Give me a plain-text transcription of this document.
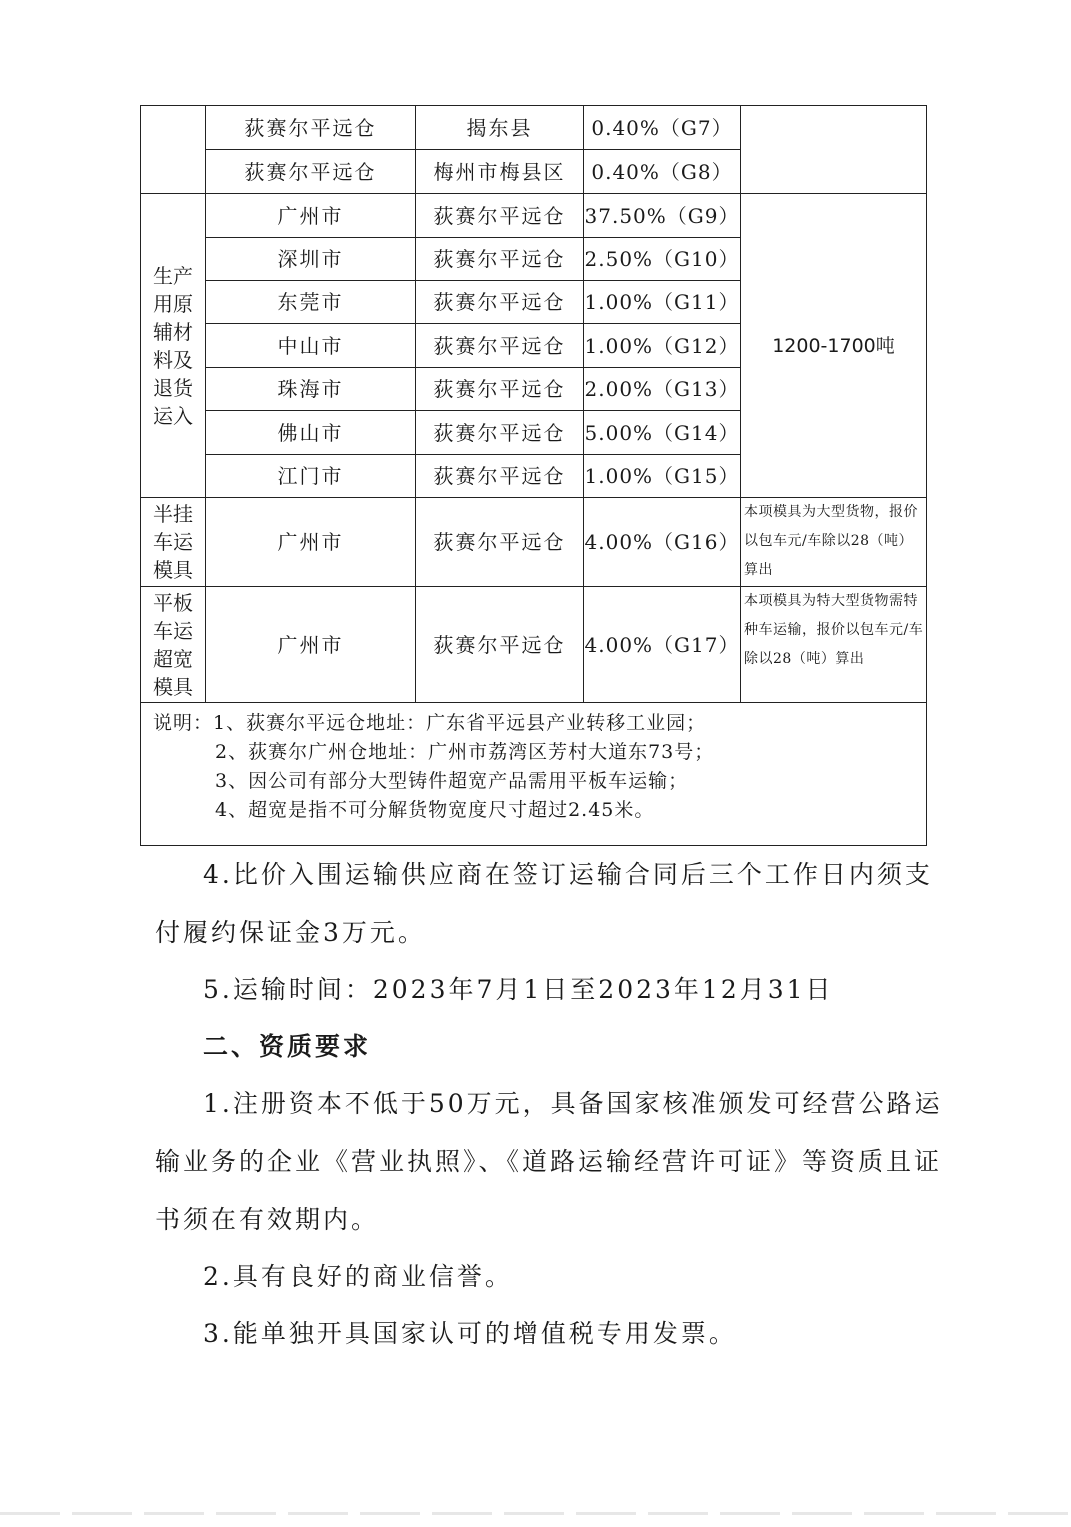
	荻赛尔平远仓	揭东县	0.40%（G7）	
	荻赛尔平远仓	梅州市梅县区	0.40%（G8）	
生产用原辅材料及退货运入	广州市	荻赛尔平远仓	37.50%（G9）	1200-1700吨
	深圳市	荻赛尔平远仓	2.50%（G10）	
	东莞市	荻赛尔平远仓	1.00%（G11）	
	中山市	荻赛尔平远仓	1.00%（G12）	
	珠海市	荻赛尔平远仓	2.00%（G13）	
	佛山市	荻赛尔平远仓	5.00%（G14）	
	江门市	荻赛尔平远仓	1.00%（G15）	
半挂车运模具	广州市	荻赛尔平远仓	4.00%（G16）	本项模具为大型货物，报价以包车元/车除以28（吨）算出
平板车运超宽模具	广州市	荻赛尔平远仓	4.00%（G17）	本项模具为特大型货物需特种车运输，报价以包车元/车除以28（吨）算出

说明：1、荻赛尔平远仓地址：广东省平远县产业转移工业园；
2、荻赛尔广州仓地址：广州市荔湾区芳村大道东73号；
3、因公司有部分大型铸件超宽产品需用平板车运输；
4、超宽是指不可分解货物宽度尺寸超过2.45米。				
4.比价入围运输供应商在签订运输合同后三个工作日内须支
付履约保证金3万元。
5.运输时间：2023年7月1日至2023年12月31日
二、资质要求
1.注册资本不低于50万元，具备国家核准颁发可经营公路运
输业务的企业《营业执照》、《道路运输经营许可证》等资质且证
书须在有效期内。
2.具有良好的商业信誉。
3.能单独开具国家认可的增值税专用发票。
